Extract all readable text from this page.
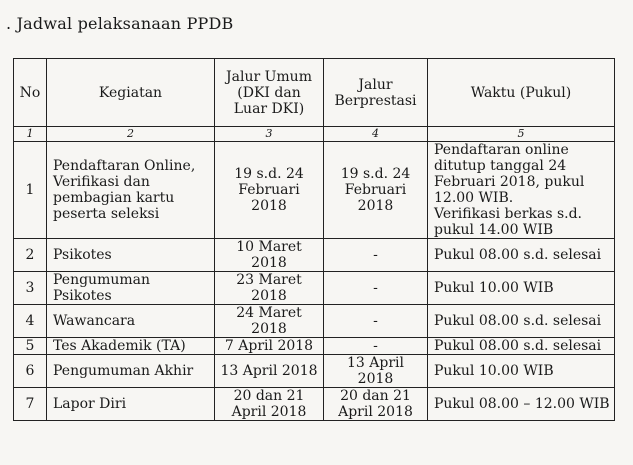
. Jadwal pelaksanaan PPDB
No	Kegiatan	Jalur Umum (DKI dan Luar DKI)	Jalur Berprestasi	Waktu (Pukul)
1	2	3	4	5
1	Pendaftaran Online, Verifikasi dan pembagian kartu peserta seleksi	19 s.d. 24 Februari 2018	19 s.d. 24 Februari 2018	Pendaftaran online ditutup tanggal 24 Februari 2018, pukul 12.00 WIB.
Verifikasi berkas s.d. pukul 14.00 WIB

2	Psikotes	10 Maret 2018	-	Pukul 08.00 s.d. selesai
3	Pengumuman Psikotes	23 Maret 2018	-	Pukul 10.00 WIB
4	Wawancara	24 Maret 2018	-	Pukul 08.00 s.d. selesai
5	Tes Akademik (TA)	7 April 2018	-	Pukul 08.00 s.d. selesai
6	Pengumuman Akhir	13 April 2018	13 April 2018	Pukul 10.00 WIB
7	Lapor Diri	20 dan 21 April 2018	20 dan 21 April 2018	Pukul 08.00 – 12.00 WIB
